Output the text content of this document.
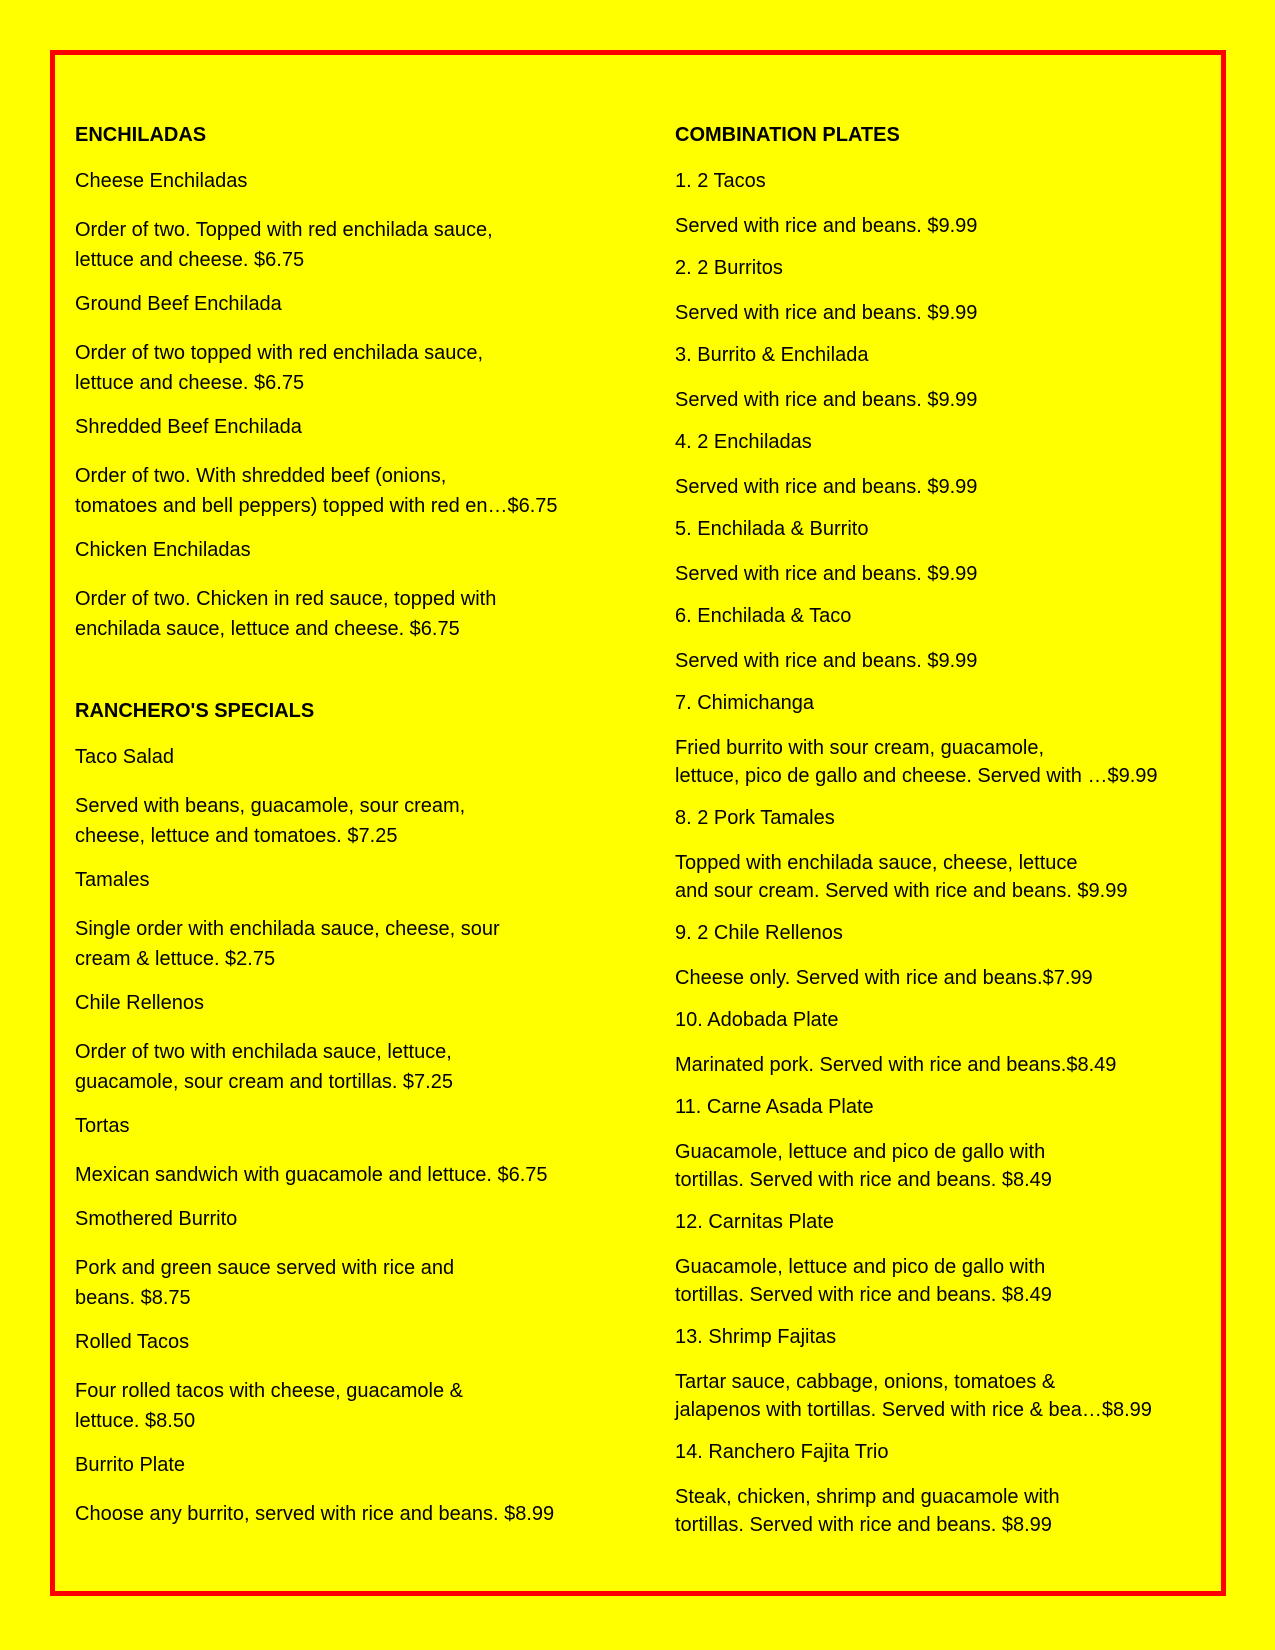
ENCHILADAS
Cheese Enchiladas
Order of two. Topped with red enchilada sauce,
lettuce and cheese. $6.75
Ground Beef Enchilada
Order of two topped with red enchilada sauce,
lettuce and cheese. $6.75
Shredded Beef Enchilada
Order of two. With shredded beef (onions,
tomatoes and bell peppers) topped with red en…$6.75
Chicken Enchiladas
Order of two. Chicken in red sauce, topped with
enchilada sauce, lettuce and cheese. $6.75
RANCHERO'S SPECIALS
Taco Salad
Served with beans, guacamole, sour cream,
cheese, lettuce and tomatoes. $7.25
Tamales
Single order with enchilada sauce, cheese, sour
cream & lettuce. $2.75
Chile Rellenos
Order of two with enchilada sauce, lettuce,
guacamole, sour cream and tortillas. $7.25
Tortas
Mexican sandwich with guacamole and lettuce. $6.75
Smothered Burrito
Pork and green sauce served with rice and
beans. $8.75
Rolled Tacos
Four rolled tacos with cheese, guacamole &
lettuce. $8.50
Burrito Plate
Choose any burrito, served with rice and beans. $8.99
COMBINATION PLATES
1. 2 Tacos
Served with rice and beans. $9.99
2. 2 Burritos
Served with rice and beans. $9.99
3. Burrito & Enchilada
Served with rice and beans. $9.99
4. 2 Enchiladas
Served with rice and beans. $9.99
5. Enchilada & Burrito
Served with rice and beans. $9.99
6. Enchilada & Taco
Served with rice and beans. $9.99
7. Chimichanga
Fried burrito with sour cream, guacamole,
lettuce, pico de gallo and cheese. Served with …$9.99
8. 2 Pork Tamales
Topped with enchilada sauce, cheese, lettuce
and sour cream. Served with rice and beans. $9.99
9. 2 Chile Rellenos
Cheese only. Served with rice and beans.$7.99
10. Adobada Plate
Marinated pork. Served with rice and beans.$8.49
11. Carne Asada Plate
Guacamole, lettuce and pico de gallo with
tortillas. Served with rice and beans. $8.49
12. Carnitas Plate
Guacamole, lettuce and pico de gallo with
tortillas. Served with rice and beans. $8.49
13. Shrimp Fajitas
Tartar sauce, cabbage, onions, tomatoes &
jalapenos with tortillas. Served with rice & bea…$8.99
14. Ranchero Fajita Trio
Steak, chicken, shrimp and guacamole with
tortillas. Served with rice and beans. $8.99
